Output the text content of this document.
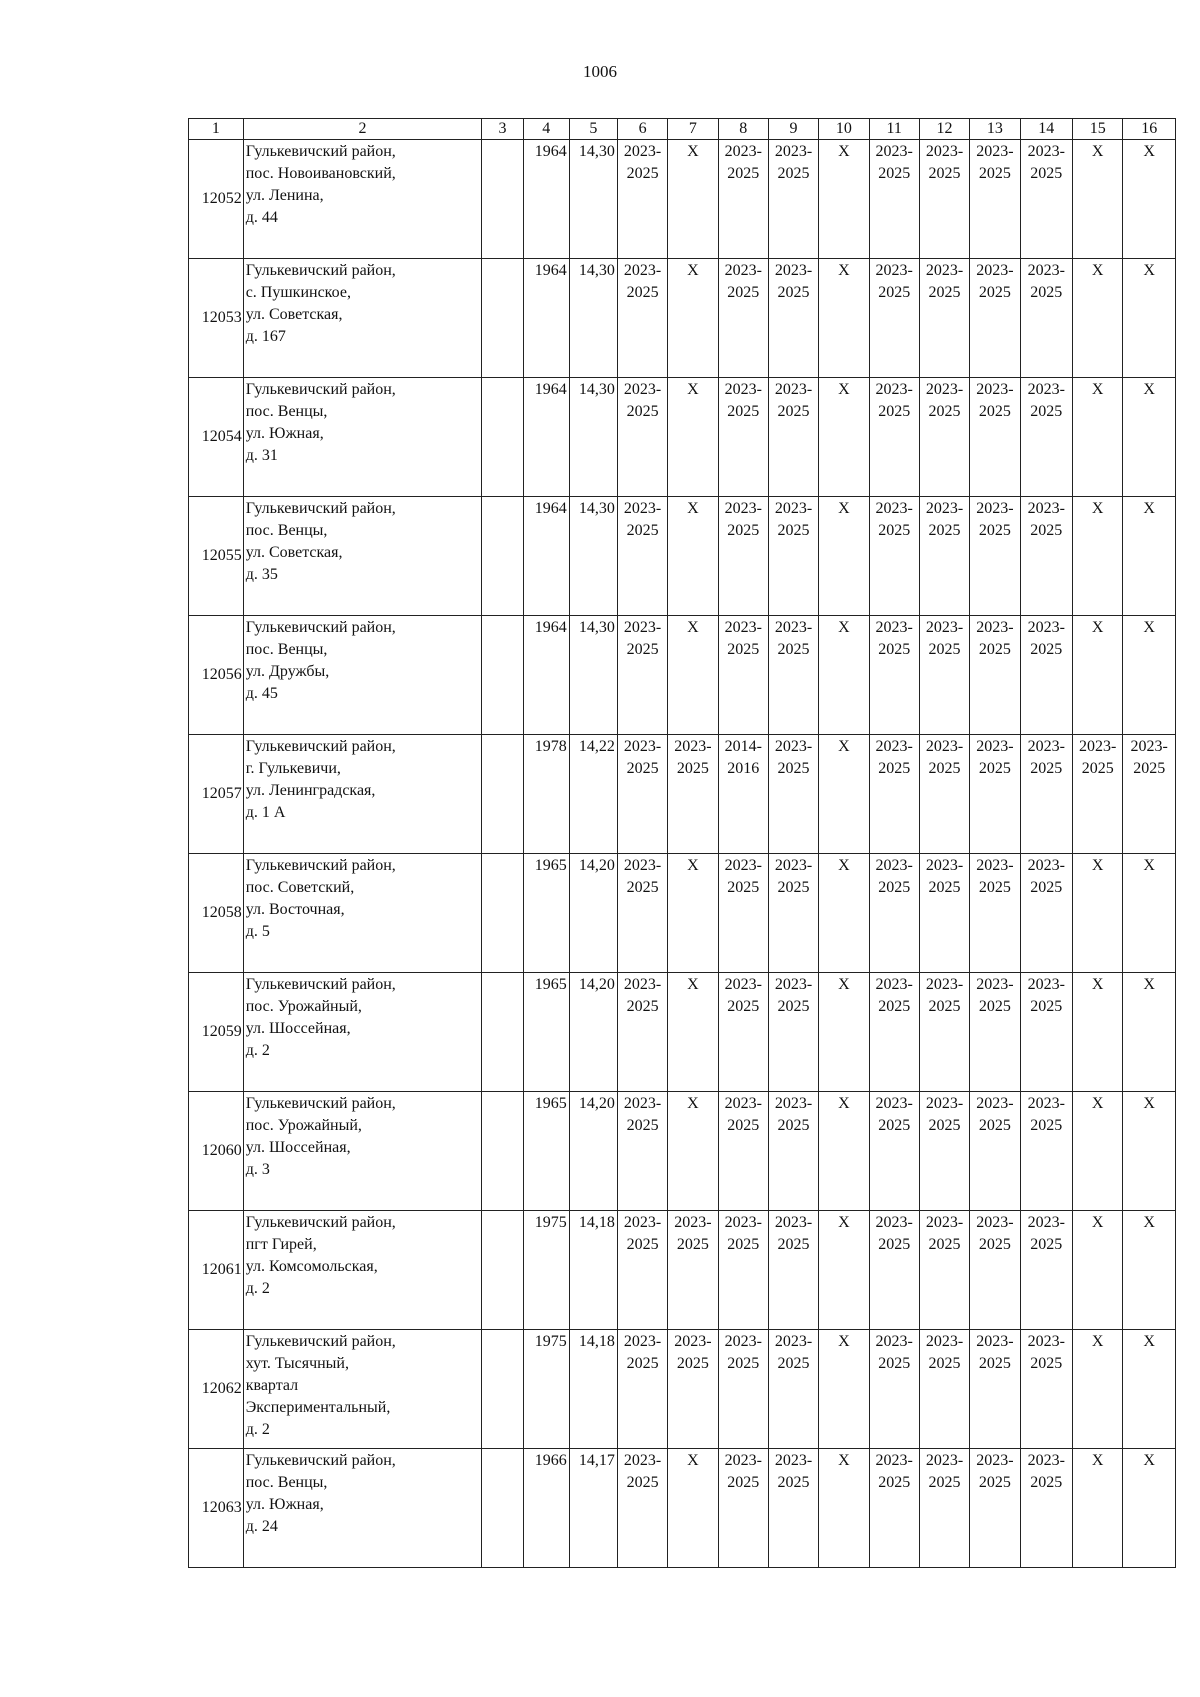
1006
1	2	3	4	5	6	7	8	9	10	11	12	13	14	15	16
12052	Гулькевичский район,
пос. Новоивановский,
ул. Ленина,
д. 44		1964	14,30	2023-
2025	X	2023-
2025	2023-
2025	X	2023-
2025	2023-
2025	2023-
2025	2023-
2025	X	X

12053	Гулькевичский район,
с. Пушкинское,
ул. Советская,
д. 167		1964	14,30	2023-
2025	X	2023-
2025	2023-
2025	X	2023-
2025	2023-
2025	2023-
2025	2023-
2025	X	X

12054	Гулькевичский район,
пос. Венцы,
ул. Южная,
д. 31		1964	14,30	2023-
2025	X	2023-
2025	2023-
2025	X	2023-
2025	2023-
2025	2023-
2025	2023-
2025	X	X

12055	Гулькевичский район,
пос. Венцы,
ул. Советская,
д. 35		1964	14,30	2023-
2025	X	2023-
2025	2023-
2025	X	2023-
2025	2023-
2025	2023-
2025	2023-
2025	X	X

12056	Гулькевичский район,
пос. Венцы,
ул. Дружбы,
д. 45		1964	14,30	2023-
2025	X	2023-
2025	2023-
2025	X	2023-
2025	2023-
2025	2023-
2025	2023-
2025	X	X

12057	Гулькевичский район,
г. Гулькевичи,
ул. Ленинградская,
д. 1 А		1978	14,22	2023-
2025	2023-
2025	2014-
2016	2023-
2025	X	2023-
2025	2023-
2025	2023-
2025	2023-
2025	2023-
2025	2023-
2025

12058	Гулькевичский район,
пос. Советский,
ул. Восточная,
д. 5		1965	14,20	2023-
2025	X	2023-
2025	2023-
2025	X	2023-
2025	2023-
2025	2023-
2025	2023-
2025	X	X

12059	Гулькевичский район,
пос. Урожайный,
ул. Шоссейная,
д. 2		1965	14,20	2023-
2025	X	2023-
2025	2023-
2025	X	2023-
2025	2023-
2025	2023-
2025	2023-
2025	X	X

12060	Гулькевичский район,
пос. Урожайный,
ул. Шоссейная,
д. 3		1965	14,20	2023-
2025	X	2023-
2025	2023-
2025	X	2023-
2025	2023-
2025	2023-
2025	2023-
2025	X	X

12061	Гулькевичский район,
пгт Гирей,
ул. Комсомольская,
д. 2		1975	14,18	2023-
2025	2023-
2025	2023-
2025	2023-
2025	X	2023-
2025	2023-
2025	2023-
2025	2023-
2025	X	X

12062	Гулькевичский район,
хут. Тысячный,
квартал
Экспериментальный,
д. 2		1975	14,18	2023-
2025	2023-
2025	2023-
2025	2023-
2025	X	2023-
2025	2023-
2025	2023-
2025	2023-
2025	X	X

12063	Гулькевичский район,
пос. Венцы,
ул. Южная,
д. 24		1966	14,17	2023-
2025	X	2023-
2025	2023-
2025	X	2023-
2025	2023-
2025	2023-
2025	2023-
2025	X	X
